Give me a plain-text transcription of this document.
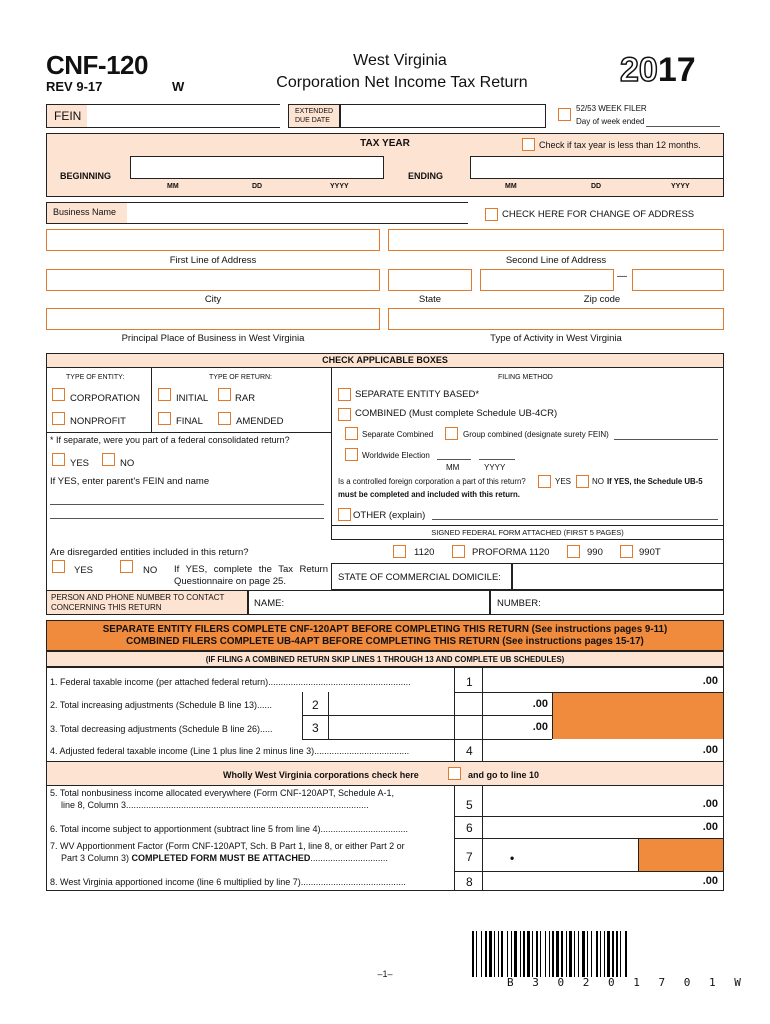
CNF-120
REV 9-17	W
West Virginia
Corporation Net Income Tax Return	2017
FEIN	EXTENDED
DUE DATE
52/53 WEEK FILER
Day of week ended
TAX YEAR	Check if tax year is less than 12 months.
BEGINNING	ENDING
MM	DD	YYYY	MM	DD	YYYY
Business Name	CHECK HERE FOR CHANGE OF ADDRESS
First Line of Address	Second Line of Address
—
City	State	Zip code
Principal Place of Business in West Virginia	Type of Activity in West Virginia
CHECK APPLICABLE BOXES
TYPE OF ENTITY:	TYPE OF RETURN:	FILING METHOD
CORPORATION
NONPROFIT
INITIAL	RAR
FINAL	AMENDED
* If separate, were you part of a federal consolidated return?
YES	NO
If YES, enter parent’s FEIN and name
SEPARATE ENTITY BASED*
COMBINED (Must complete Schedule UB-4CR)
Separate Combined	Group combined (designate surety FEIN)
Worldwide Election
MM	YYYY
Is a controlled foreign corporation a part of this return?	YES	NO If YES, the Schedule UB-5
must be completed and included with this return.
OTHER (explain)
SIGNED FEDERAL FORM ATTACHED (FIRST 5 PAGES)
Are disregarded entities included in this return?
YES	NO If YES, complete the Tax Return Questionnaire on page 25.
1120	PROFORMA 1120	990	990T
STATE OF COMMERCIAL DOMICILE:
PERSON AND PHONE NUMBER TO CONTACT CONCERNING THIS RETURN	NAME:	NUMBER:
SEPARATE ENTITY FILERS COMPLETE CNF-120APT BEFORE COMPLETING THIS RETURN (See instructions pages 9-11)
COMBINED FILERS COMPLETE UB-4APT BEFORE COMPLETING THIS RETURN (See instructions pages 15-17)
(IF FILING A COMBINED RETURN SKIP LINES 1 THROUGH 13 AND COMPLETE UB SCHEDULES)
1. Federal taxable income (per attached federal return).........................................................	1	.00
2. Total increasing adjustments (Schedule B line 13)......	2	.00
3. Total decreasing adjustments (Schedule B line 26).....	3	.00
4. Adjusted federal taxable income (Line 1 plus line 2 minus line 3)......................................	4	.00
Wholly West Virginia corporations check here	and go to line 10
5. Total nonbusiness income allocated everywhere (Form CNF-120APT, Schedule A-1,
line 8, Column 3.................................................................................................	5	.00
6. Total income subject to apportionment (subtract line 5 from line 4)...................................	6	.00
7. WV Apportionment Factor (Form CNF-120APT, Sch. B Part 1, line 8, or either Part 2 or
Part 3 Column 3) COMPLETED FORM MUST BE ATTACHED...............................	7	•
8. West Virginia apportioned income (line 6 multiplied by line 7)..........................................	8	.00
–1–
B 3 0 2 0 1 7 0 1 W
